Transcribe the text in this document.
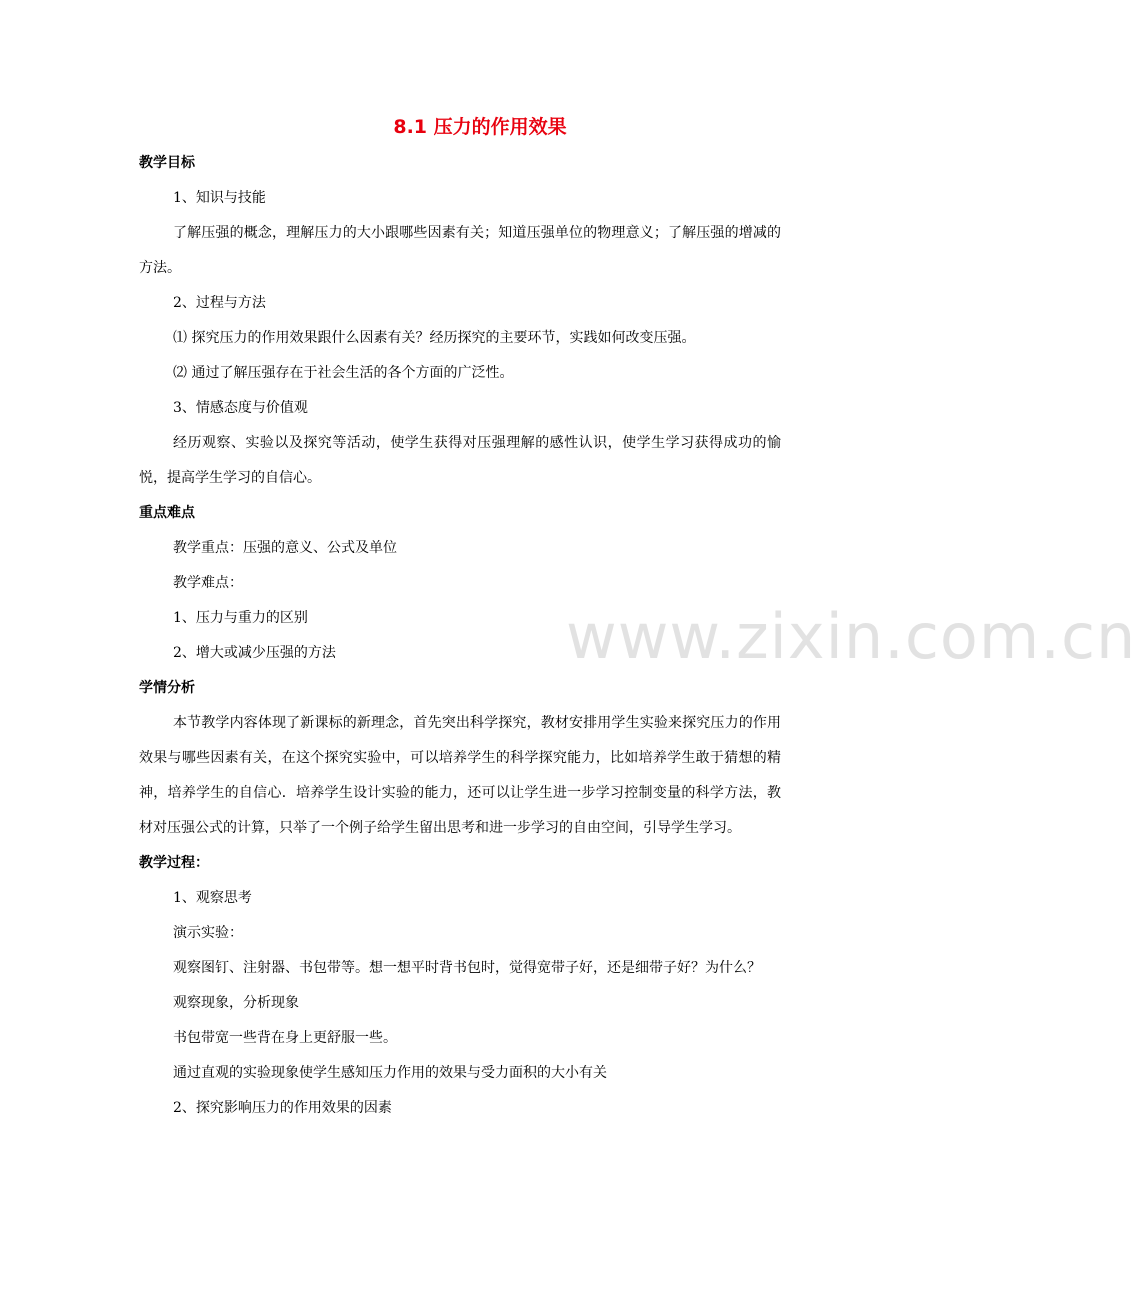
www.zixin.com.cn
8.1 压力的作用效果
教学目标
1、知识与技能
了解压强的概念，理解压力的大小跟哪些因素有关；知道压强单位的物理意义；了解压强的增减的方法。
2、过程与方法
⑴ 探究压力的作用效果跟什么因素有关？经历探究的主要环节，实践如何改变压强。
⑵ 通过了解压强存在于社会生活的各个方面的广泛性。
3、情感态度与价值观
经历观察、实验以及探究等活动，使学生获得对压强理解的感性认识，使学生学习获得成功的愉悦，提高学生学习的自信心。
重点难点
教学重点：压强的意义、公式及单位
教学难点：
1、压力与重力的区别
2、增大或减少压强的方法
学情分析
本节教学内容体现了新课标的新理念，首先突出科学探究，教材安排用学生实验来探究压力的作用效果与哪些因素有关，在这个探究实验中，可以培养学生的科学探究能力，比如培养学生敢于猜想的精神，培养学生的自信心．培养学生设计实验的能力，还可以让学生进一步学习控制变量的科学方法，教材对压强公式的计算，只举了一个例子给学生留出思考和进一步学习的自由空间，引导学生学习。
教学过程：
1、观察思考
演示实验：
观察图钉、注射器、书包带等。想一想平时背书包时，觉得宽带子好，还是细带子好？为什么？
观察现象，分析现象
书包带宽一些背在身上更舒服一些。
通过直观的实验现象使学生感知压力作用的效果与受力面积的大小有关
2、探究影响压力的作用效果的因素
